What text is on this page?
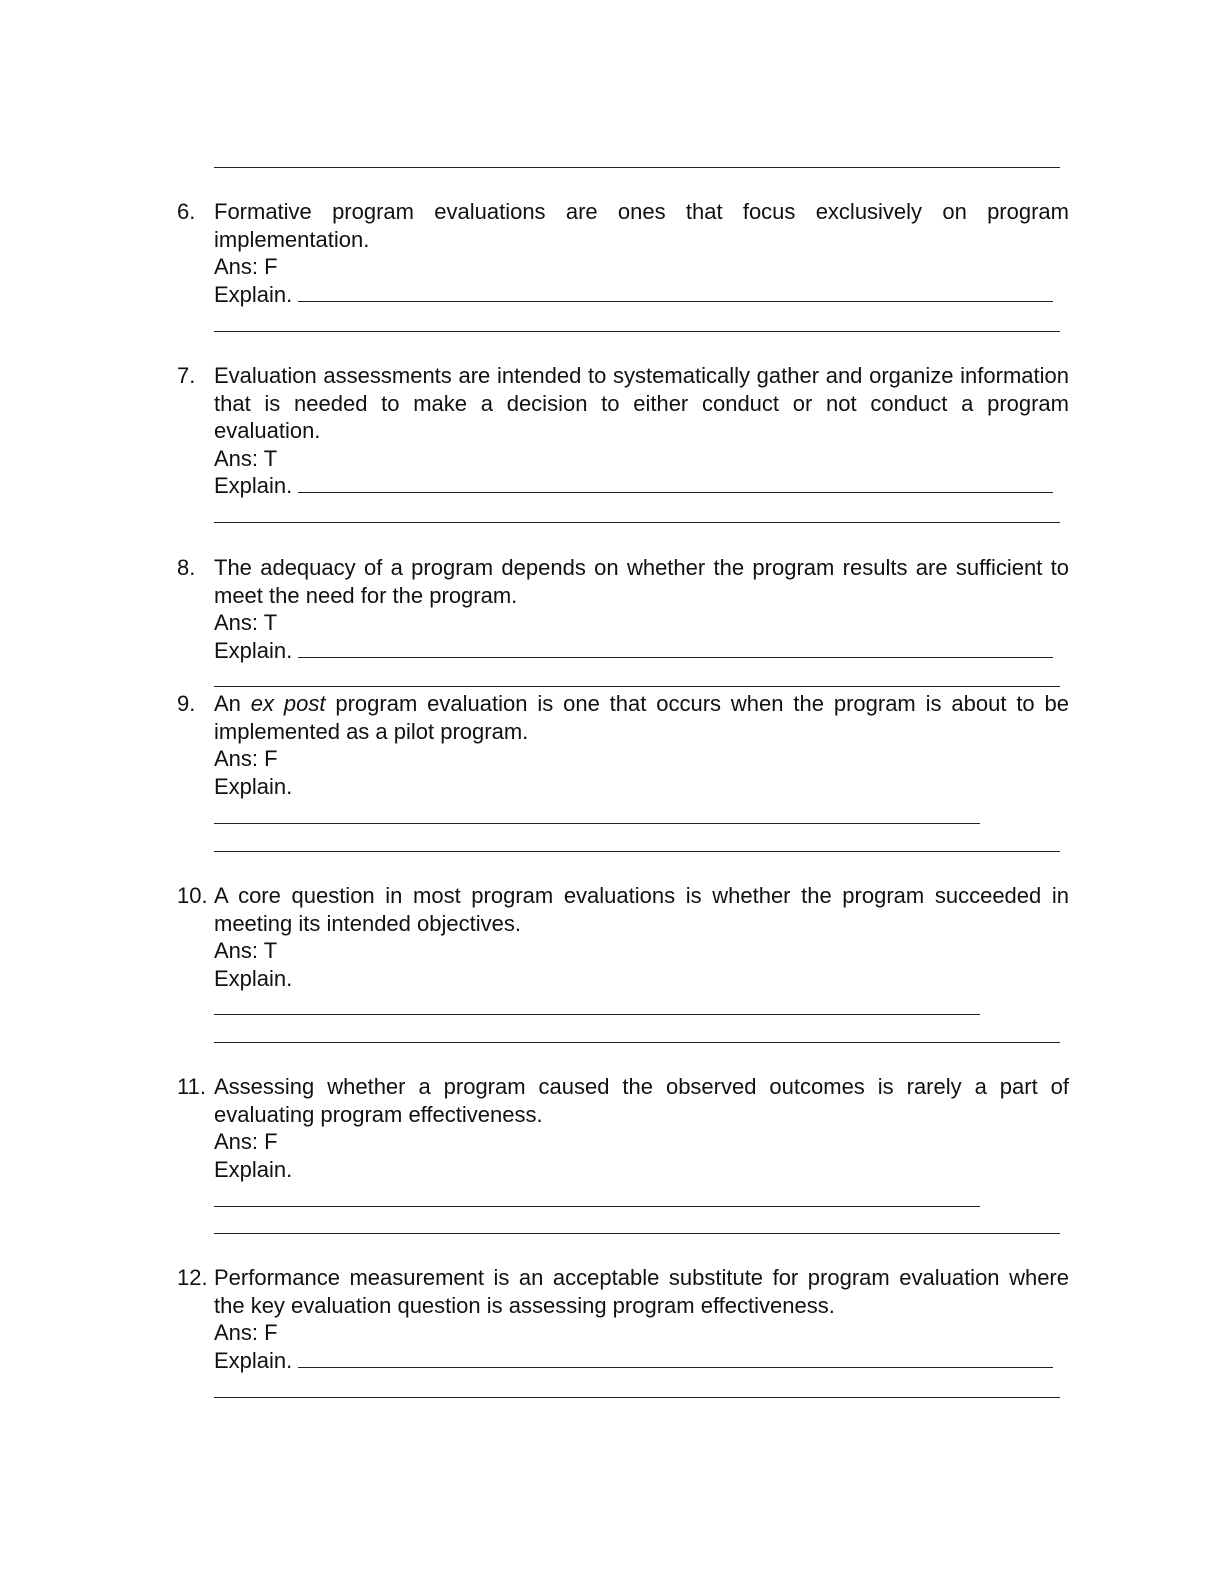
6. Formative program evaluations are ones that focus exclusively on program implementation.
Ans: F
Explain.
7. Evaluation assessments are intended to systematically gather and organize information that is needed to make a decision to either conduct or not conduct a program evaluation.
Ans: T
Explain.
8. The adequacy of a program depends on whether the program results are sufficient to meet the need for the program.
Ans: T
Explain.
9. An ex post program evaluation is one that occurs when the program is about to be implemented as a pilot program.
Ans: F
Explain.
10. A core question in most program evaluations is whether the program succeeded in meeting its intended objectives.
Ans: T
Explain.
11. Assessing whether a program caused the observed outcomes is rarely a part of evaluating program effectiveness.
Ans: F
Explain.
12. Performance measurement is an acceptable substitute for program evaluation where the key evaluation question is assessing program effectiveness.
Ans: F
Explain.
